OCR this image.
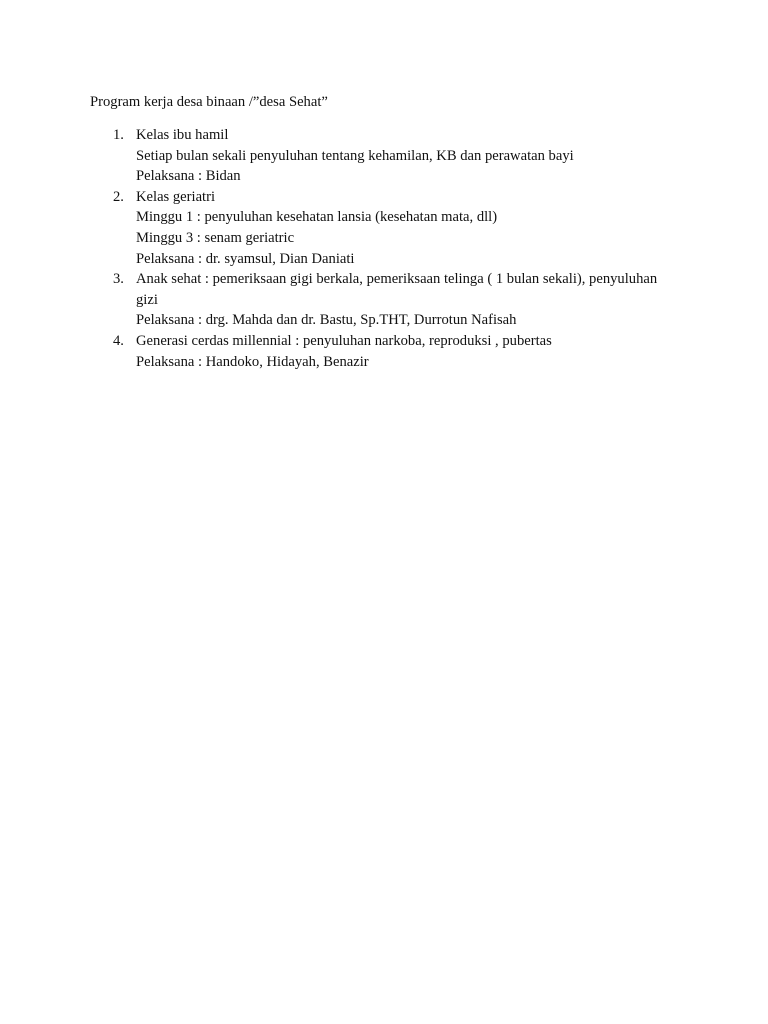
Program kerja desa binaan /”desa Sehat”
1. Kelas ibu hamil
Setiap bulan sekali penyuluhan tentang kehamilan, KB dan perawatan bayi
Pelaksana : Bidan
2. Kelas geriatri
Minggu 1 : penyuluhan kesehatan lansia (kesehatan mata, dll)
Minggu 3 : senam geriatric
Pelaksana : dr. syamsul, Dian Daniati
3. Anak sehat : pemeriksaan gigi berkala, pemeriksaan telinga ( 1 bulan sekali), penyuluhan gizi
Pelaksana : drg. Mahda dan dr. Bastu, Sp.THT, Durrotun Nafisah
4. Generasi cerdas millennial : penyuluhan narkoba, reproduksi , pubertas
Pelaksana : Handoko, Hidayah, Benazir
